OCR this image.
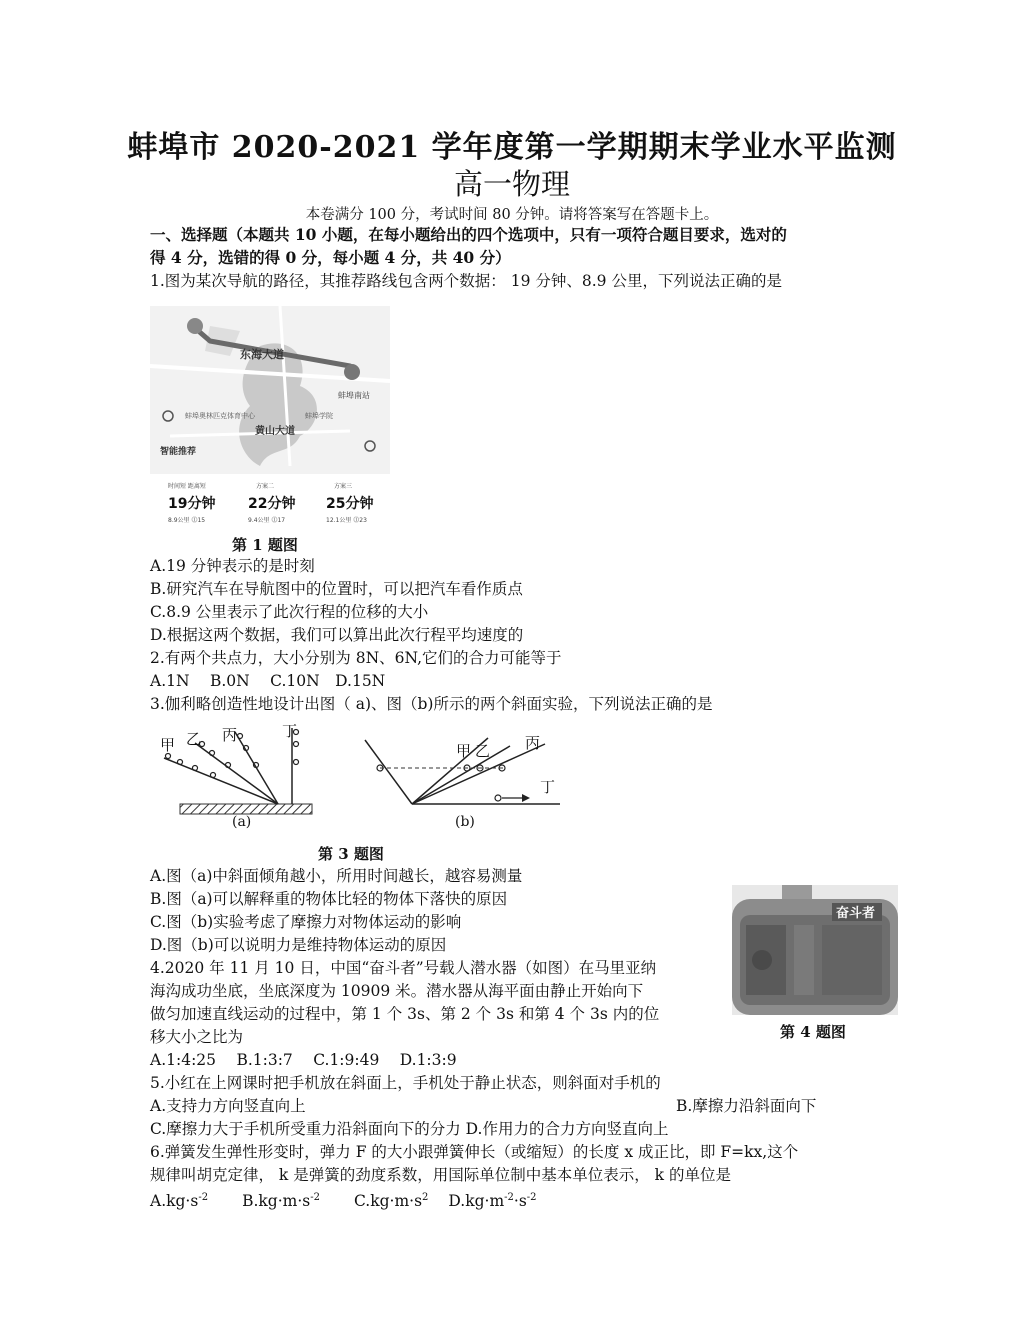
蚌埠市 2020-2021 学年度第一学期期末学业水平监测
高一物理
本卷满分 100 分，考试时间 80 分钟。请将答案写在答题卡上。
一、选择题（本题共 10 小题，在每小题给出的四个选项中，只有一项符合题目要求，选对的
得 4 分，选错的得 0 分，每小题 4 分，共 40 分）
1.图为某次导航的路径，其推荐路线包含两个数据： 19 分钟、8.9 公里，下列说法正确的是
东海大道
黄山大道
蚌埠南站
蚌埠奥林匹克体育中心	蚌埠学院
智能推荐
时间短 距离短
19分钟
8.9公里 ⓵15
方案二
22分钟
9.4公里 ⓵17
方案三
25分钟
12.1公里 ⓵23
第 1 题图
A.19 分钟表示的是时刻
B.研究汽车在导航图中的位置时，可以把汽车看作质点
C.8.9 公里表示了此次行程的位移的大小
D.根据这两个数据，我们可以算出此次行程平均速度的
2.有两个共点力，大小分别为 8N、6N,它们的合力可能等于
A.1N　 B.0N　 C.10N　D.15N
3.伽利略创造性地设计出图（ a)、图（b)所示的两个斜面实验，下列说法正确的是
甲 乙 丙	丁
(a)
甲 乙 丙
丁
(b)
第 3 题图
A.图（a)中斜面倾角越小，所用时间越长，越容易测量
B.图（a)可以解释重的物体比轻的物体下落快的原因
C.图（b)实验考虑了摩擦力对物体运动的影响
D.图（b)可以说明力是维持物体运动的原因
奋斗者
4.2020 年 11 月 10 日，中国“奋斗者”号载人潜水器（如图）在马里亚纳
海沟成功坐底，坐底深度为 10909 米。潜水器从海平面由静止开始向下
做匀加速直线运动的过程中，第 1 个 3s、第 2 个 3s 和第 4 个 3s 内的位
移大小之比为	第 4 题图
A.1:4:25　 B.1:3:7　 C.1:9:49　 D.1:3:9
5.小红在上网课时把手机放在斜面上，手机处于静止状态，则斜面对手机的
A.支持力方向竖直向上	B.摩擦力沿斜面向下
C.摩擦力大于手机所受重力沿斜面向下的分力 D.作用力的合力方向竖直向上
6.弹簧发生弹性形变时，弹力 F 的大小跟弹簧伸长（或缩短）的长度 x 成正比，即 F=kx,这个
规律叫胡克定律， k 是弹簧的劲度系数，用国际单位制中基本单位表示， k 的单位是
$A.kg\cdot s^{-2}$ $B.kg\cdot m\cdot s^{-2}$ $C.kg\cdot m\cdot s^2$ $D.kg\cdot m^{-2}\cdot s^{-2}$
